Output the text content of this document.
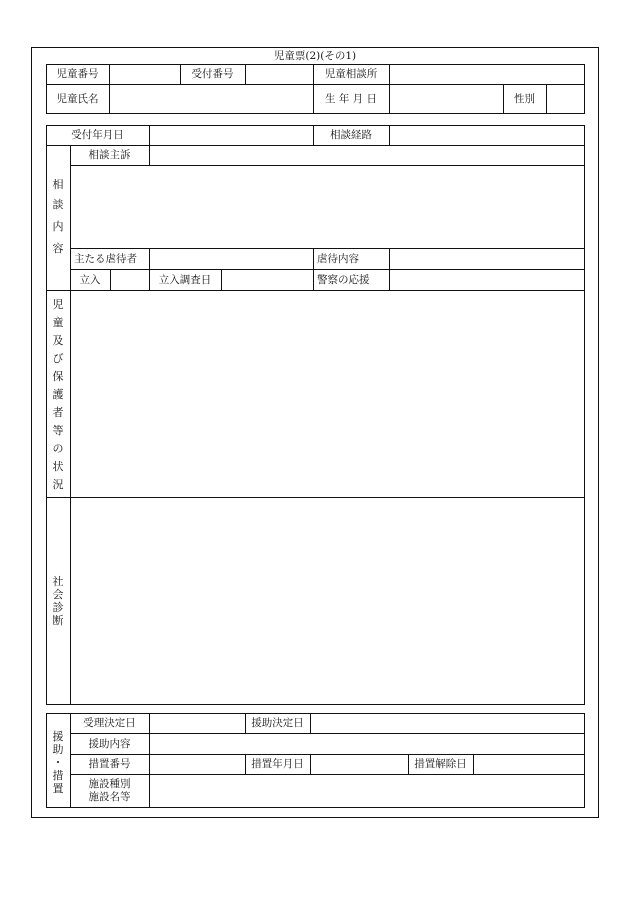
児童票(2)(その1)
児童番号	受付番号	児童相談所
児童氏名	生 年 月 日	性別
受付年月日	相談経路
相
談
内
容
相談主訴
主たる虐待者	虐待内容
立入	立入調査日	警察の応援
児
童
及
び
保
護
者
等
の
状
況
社
会
診
断
援
助
・
措
置
受理決定日	援助決定日
援助内容
措置番号	措置年月日	措置解除日
施設種別
施設名等
